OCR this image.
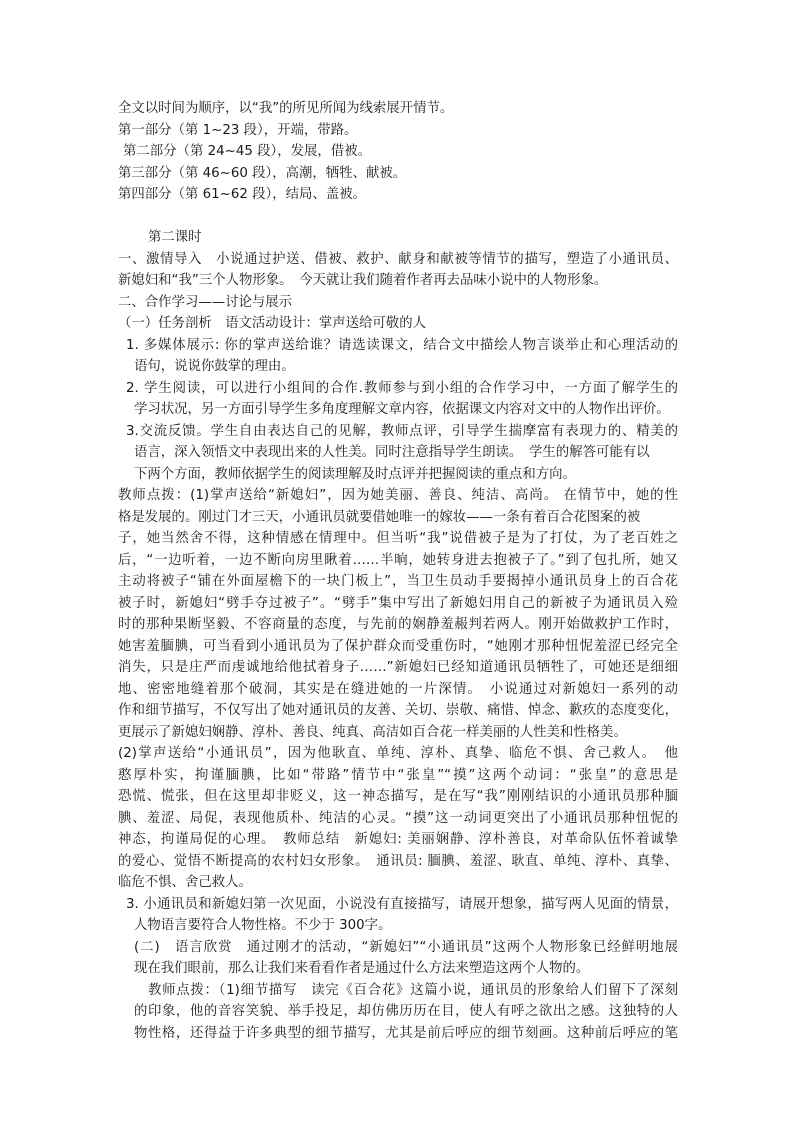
全文以时间为顺序，以“我”的所见所闻为线索展开情节。
第一部分（第 1~23 段），开端，带路。
第二部分（第 24~45 段），发展，借被。
第三部分（第 46~60 段），高潮，牺牲、献被。
第四部分（第 61~62 段），结局、盖被。
第二课时
一、激情导入　小说通过护送、借被、救护、献身和献被等情节的描写，塑造了小通讯员、
新媳妇和“我”三个人物形象。　今天就让我们随着作者再去品味小说中的人物形象。
二、合作学习——讨论与展示
（一）任务剖析　语文活动设计：掌声送给可敬的人
1. 多媒体展示: 你的掌声送给谁？请选读课文，结合文中描绘人物言谈举止和心理活动的
语句，说说你鼓掌的理由。
2. 学生阅读，可以进行小组间的合作.教师参与到小组的合作学习中，一方面了解学生的
学习状况，另一方面引导学生多角度理解文章内容，依据课文内容对文中的人物作出评价。
3.交流反馈。学生自由表达自己的见解，教师点评，引导学生揣摩富有表现力的、精美的
语言，深入领悟文中表现出来的人性美。同时注意指导学生朗读。　学生的解答可能有以
下两个方面，教师依据学生的阅读理解及时点评并把握阅读的重点和方向。
教师点拨：(1)掌声送给“新媳妇”，因为她美丽、善良、纯洁、高尚。 在情节中，她的性
格是发展的。刚过门才三天，小通讯员就要借她唯一的嫁妆——一条有着百合花图案的被
子，她当然舍不得，这种情感在情理中。但当听“我”说借被子是为了打仗，为了老百姓之
后，“一边听着，一边不断向房里瞅着……半晌，她转身进去抱被子了。”到了包扎所，她又
主动将被子“铺在外面屋檐下的一块门板上”，当卫生员动手要揭掉小通讯员身上的百合花
被子时，新媳妇“劈手夺过被子”。“劈手”集中写出了新媳妇用自己的新被子为通讯员入殓
时的那种果断坚毅、不容商量的态度，与先前的娴静羞赧判若两人。刚开始做救护工作时，
她害羞腼腆，可当看到小通讯员为了保护群众而受重伤时，“她刚才那种忸怩羞涩已经完全
消失，只是庄严而虔诚地给他拭着身子……”新媳妇已经知道通讯员牺牲了，可她还是细细
地、密密地缝着那个破洞，其实是在缝进她的一片深情。　小说通过对新媳妇一系列的动
作和细节描写，不仅写出了她对通讯员的友善、关切、崇敬、痛惜、悼念、歉疚的态度变化，
更展示了新媳妇娴静、淳朴、善良、纯真、高洁如百合花一样美丽的人性美和性格美。
(2)掌声送给“小通讯员”，因为他耿直、单纯、淳朴、真挚、临危不惧、舍己救人。　他
憨厚朴实，拘谨腼腆，比如“带路”情节中“张皇”“摸”这两个动词：“张皇”的意思是
恐慌、慌张，但在这里却非贬义，这一神态描写，是在写“我”刚刚结识的小通讯员那种腼
腆、羞涩、局促，表现他质朴、纯洁的心灵。“摸”这一动词更突出了小通讯员那种忸怩的
神态，拘谨局促的心理。　教师总结　新媳妇: 美丽娴静、淳朴善良，对革命队伍怀着诚挚
的爱心、觉悟不断提高的农村妇女形象。　通讯员: 腼腆、羞涩、耿直、单纯、淳朴、真挚、
临危不惧、舍己救人。
3. 小通讯员和新媳妇第一次见面，小说没有直接描写，请展开想象，描写两人见面的情景，
人物语言要符合人物性格。不少于 300字。
(二)　语言欣赏　通过刚才的活动，“新媳妇”“小通讯员”这两个人物形象已经鲜明地展
现在我们眼前，那么让我们来看看作者是通过什么方法来塑造这两个人物的。
教师点拨：（1)细节描写　读完《百合花》这篇小说，通讯员的形象给人们留下了深刻
的印象，他的音容笑貌、举手投足，却仿佛历历在目，使人有呼之欲出之感。这独特的人
物性格，还得益于许多典型的细节描写，尤其是前后呼应的细节刻画。这种前后呼应的笔
